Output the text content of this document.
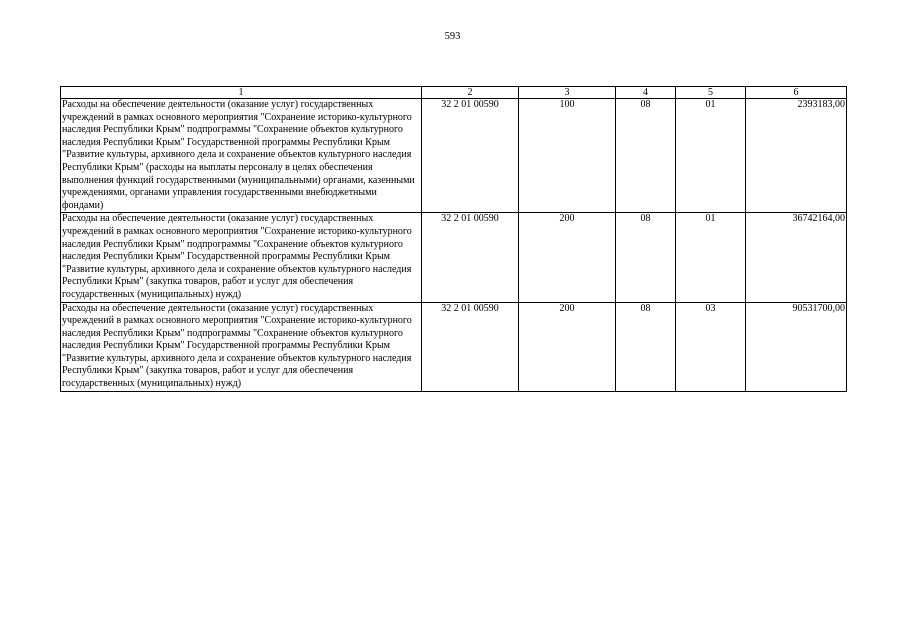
593
1	2	3	4	5	6
Расходы на обеспечение деятельности (оказание услуг) государственных учреждений в рамках основного мероприятия "Сохранение историко-культурного наследия Республики Крым" подпрограммы "Сохранение объектов культурного наследия Республики Крым" Государственной программы Республики Крым "Развитие культуры, архивного дела и сохранение объектов культурного наследия Республики Крым" (расходы на выплаты персоналу в целях обеспечения выполнения функций государственными (муниципальными) органами, казенными учреждениями, органами управления государственными внебюджетными фондами)	32 2 01 00590	100	08	01	2393183,00
Расходы на обеспечение деятельности (оказание услуг) государственных учреждений в рамках основного мероприятия "Сохранение историко-культурного наследия Республики Крым" подпрограммы "Сохранение объектов культурного наследия Республики Крым" Государственной программы Республики Крым "Развитие культуры, архивного дела и сохранение объектов культурного наследия Республики Крым" (закупка товаров, работ и услуг для обеспечения государственных (муниципальных) нужд)	32 2 01 00590	200	08	01	36742164,00
Расходы на обеспечение деятельности (оказание услуг) государственных учреждений в рамках основного мероприятия "Сохранение историко-культурного наследия Республики Крым" подпрограммы "Сохранение объектов культурного наследия Республики Крым" Государственной программы Республики Крым "Развитие культуры, архивного дела и сохранение объектов культурного наследия Республики Крым" (закупка товаров, работ и услуг для обеспечения государственных (муниципальных) нужд)	32 2 01 00590	200	08	03	90531700,00
